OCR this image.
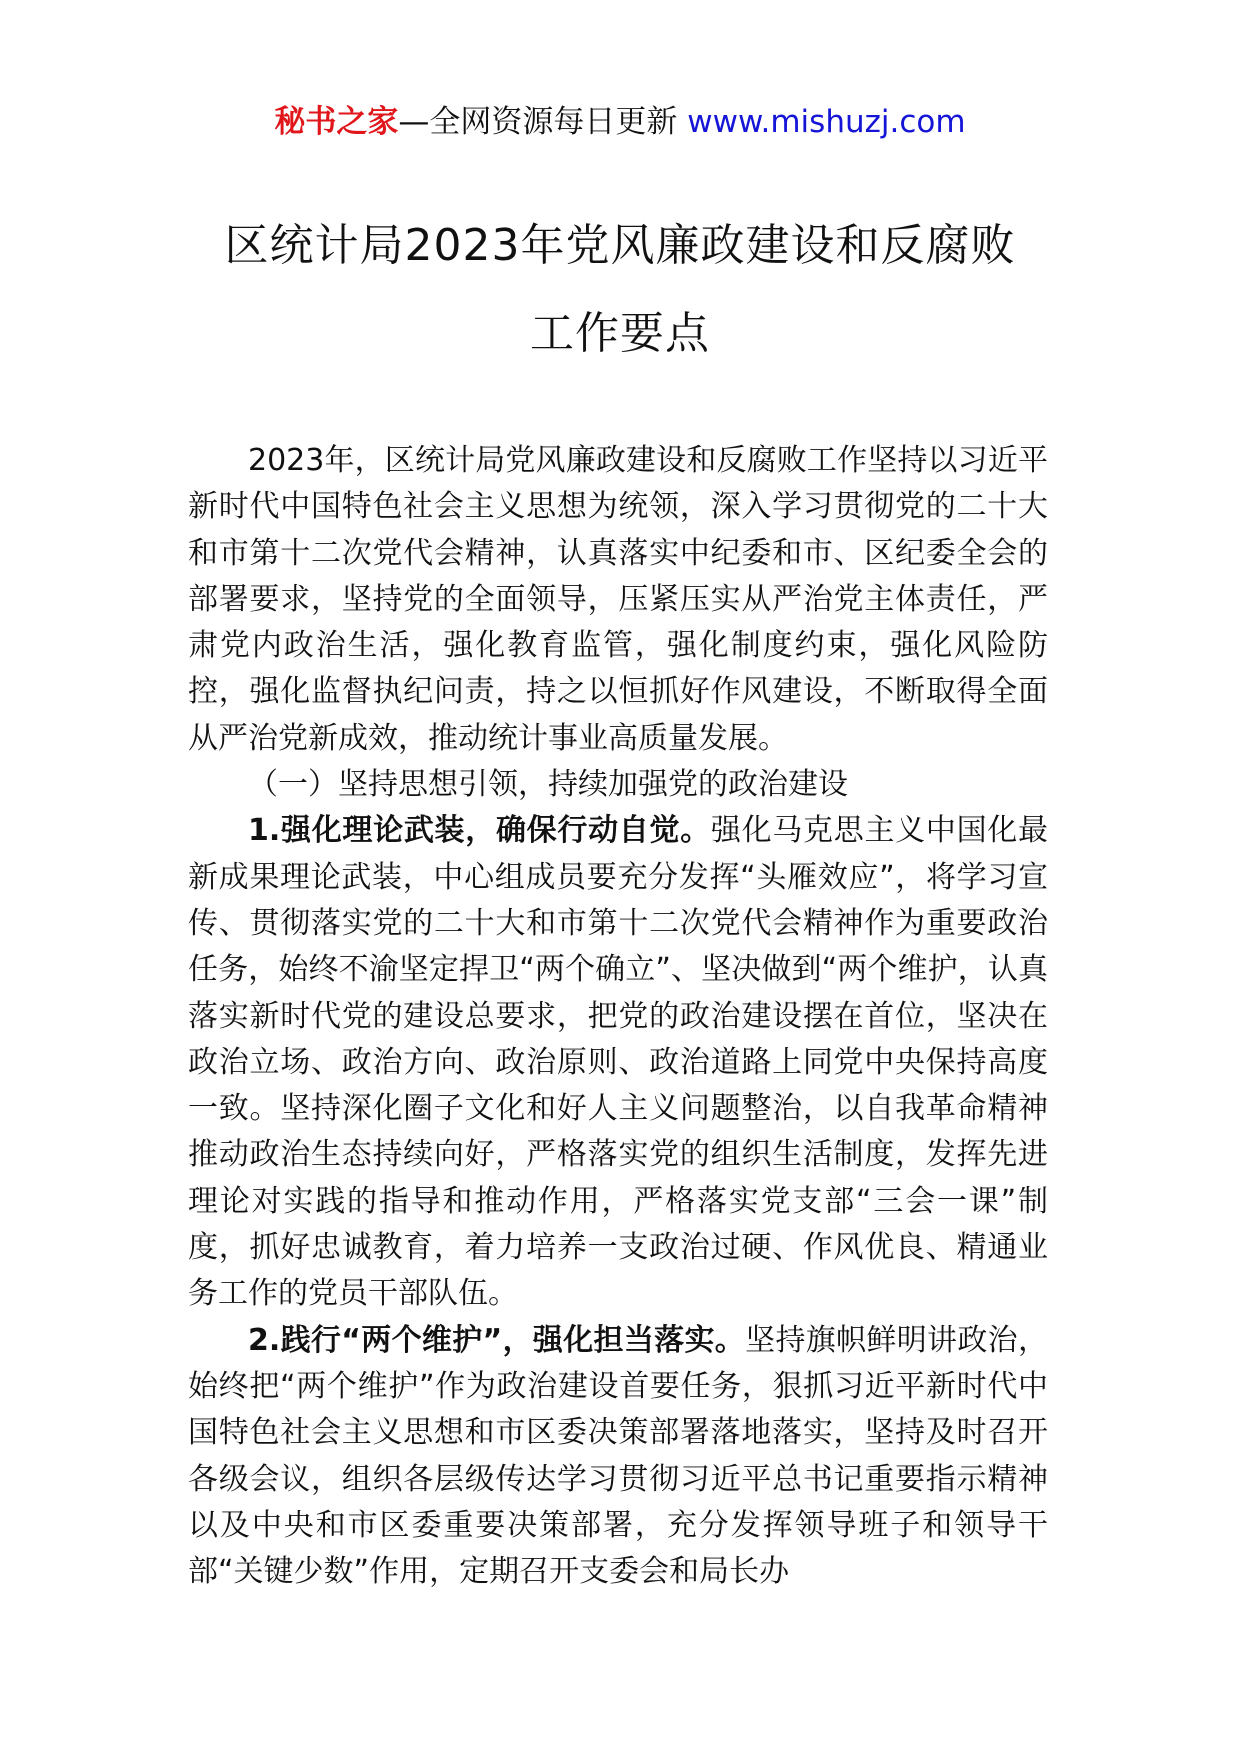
秘书之家—全网资源每日更新 www.mishuzj.com
区统计局2023年党风廉政建设和反腐败
工作要点

2023年，区统计局党风廉政建设和反腐败工作坚持以习近平新时代中国特色社会主义思想为统领，深入学习贯彻党的二十大和市第十二次党代会精神，认真落实中纪委和市、区纪委全会的部署要求，坚持党的全面领导，压紧压实从严治党主体责任，严肃党内政治生活，强化教育监管，强化制度约束，强化风险防控，强化监督执纪问责，持之以恒抓好作风建设，不断取得全面从严治党新成效，推动统计事业高质量发展。

（一）坚持思想引领，持续加强党的政治建设

1.强化理论武装，确保行动自觉。强化马克思主义中国化最新成果理论武装，中心组成员要充分发挥“头雁效应”，将学习宣传、贯彻落实党的二十大和市第十二次党代会精神作为重要政治任务，始终不渝坚定捍卫“两个确立”、坚决做到“两个维护，认真落实新时代党的建设总要求，把党的政治建设摆在首位，坚决在政治立场、政治方向、政治原则、政治道路上同党中央保持高度一致。坚持深化圈子文化和好人主义问题整治，以自我革命精神推动政治生态持续向好，严格落实党的组织生活制度，发挥先进理论对实践的指导和推动作用，严格落实党支部“三会一课”制度，抓好忠诚教育，着力培养一支政治过硬、作风优良、精通业务工作的党员干部队伍。

2.践行“两个维护”，强化担当落实。坚持旗帜鲜明讲政治，始终把“两个维护”作为政治建设首要任务，狠抓习近平新时代中国特色社会主义思想和市区委决策部署落地落实，坚持及时召开各级会议，组织各层级传达学习贯彻习近平总书记重要指示精神以及中央和市区委重要决策部署，充分发挥领导班子和领导干部“关键少数”作用，定期召开支委会和局长办
